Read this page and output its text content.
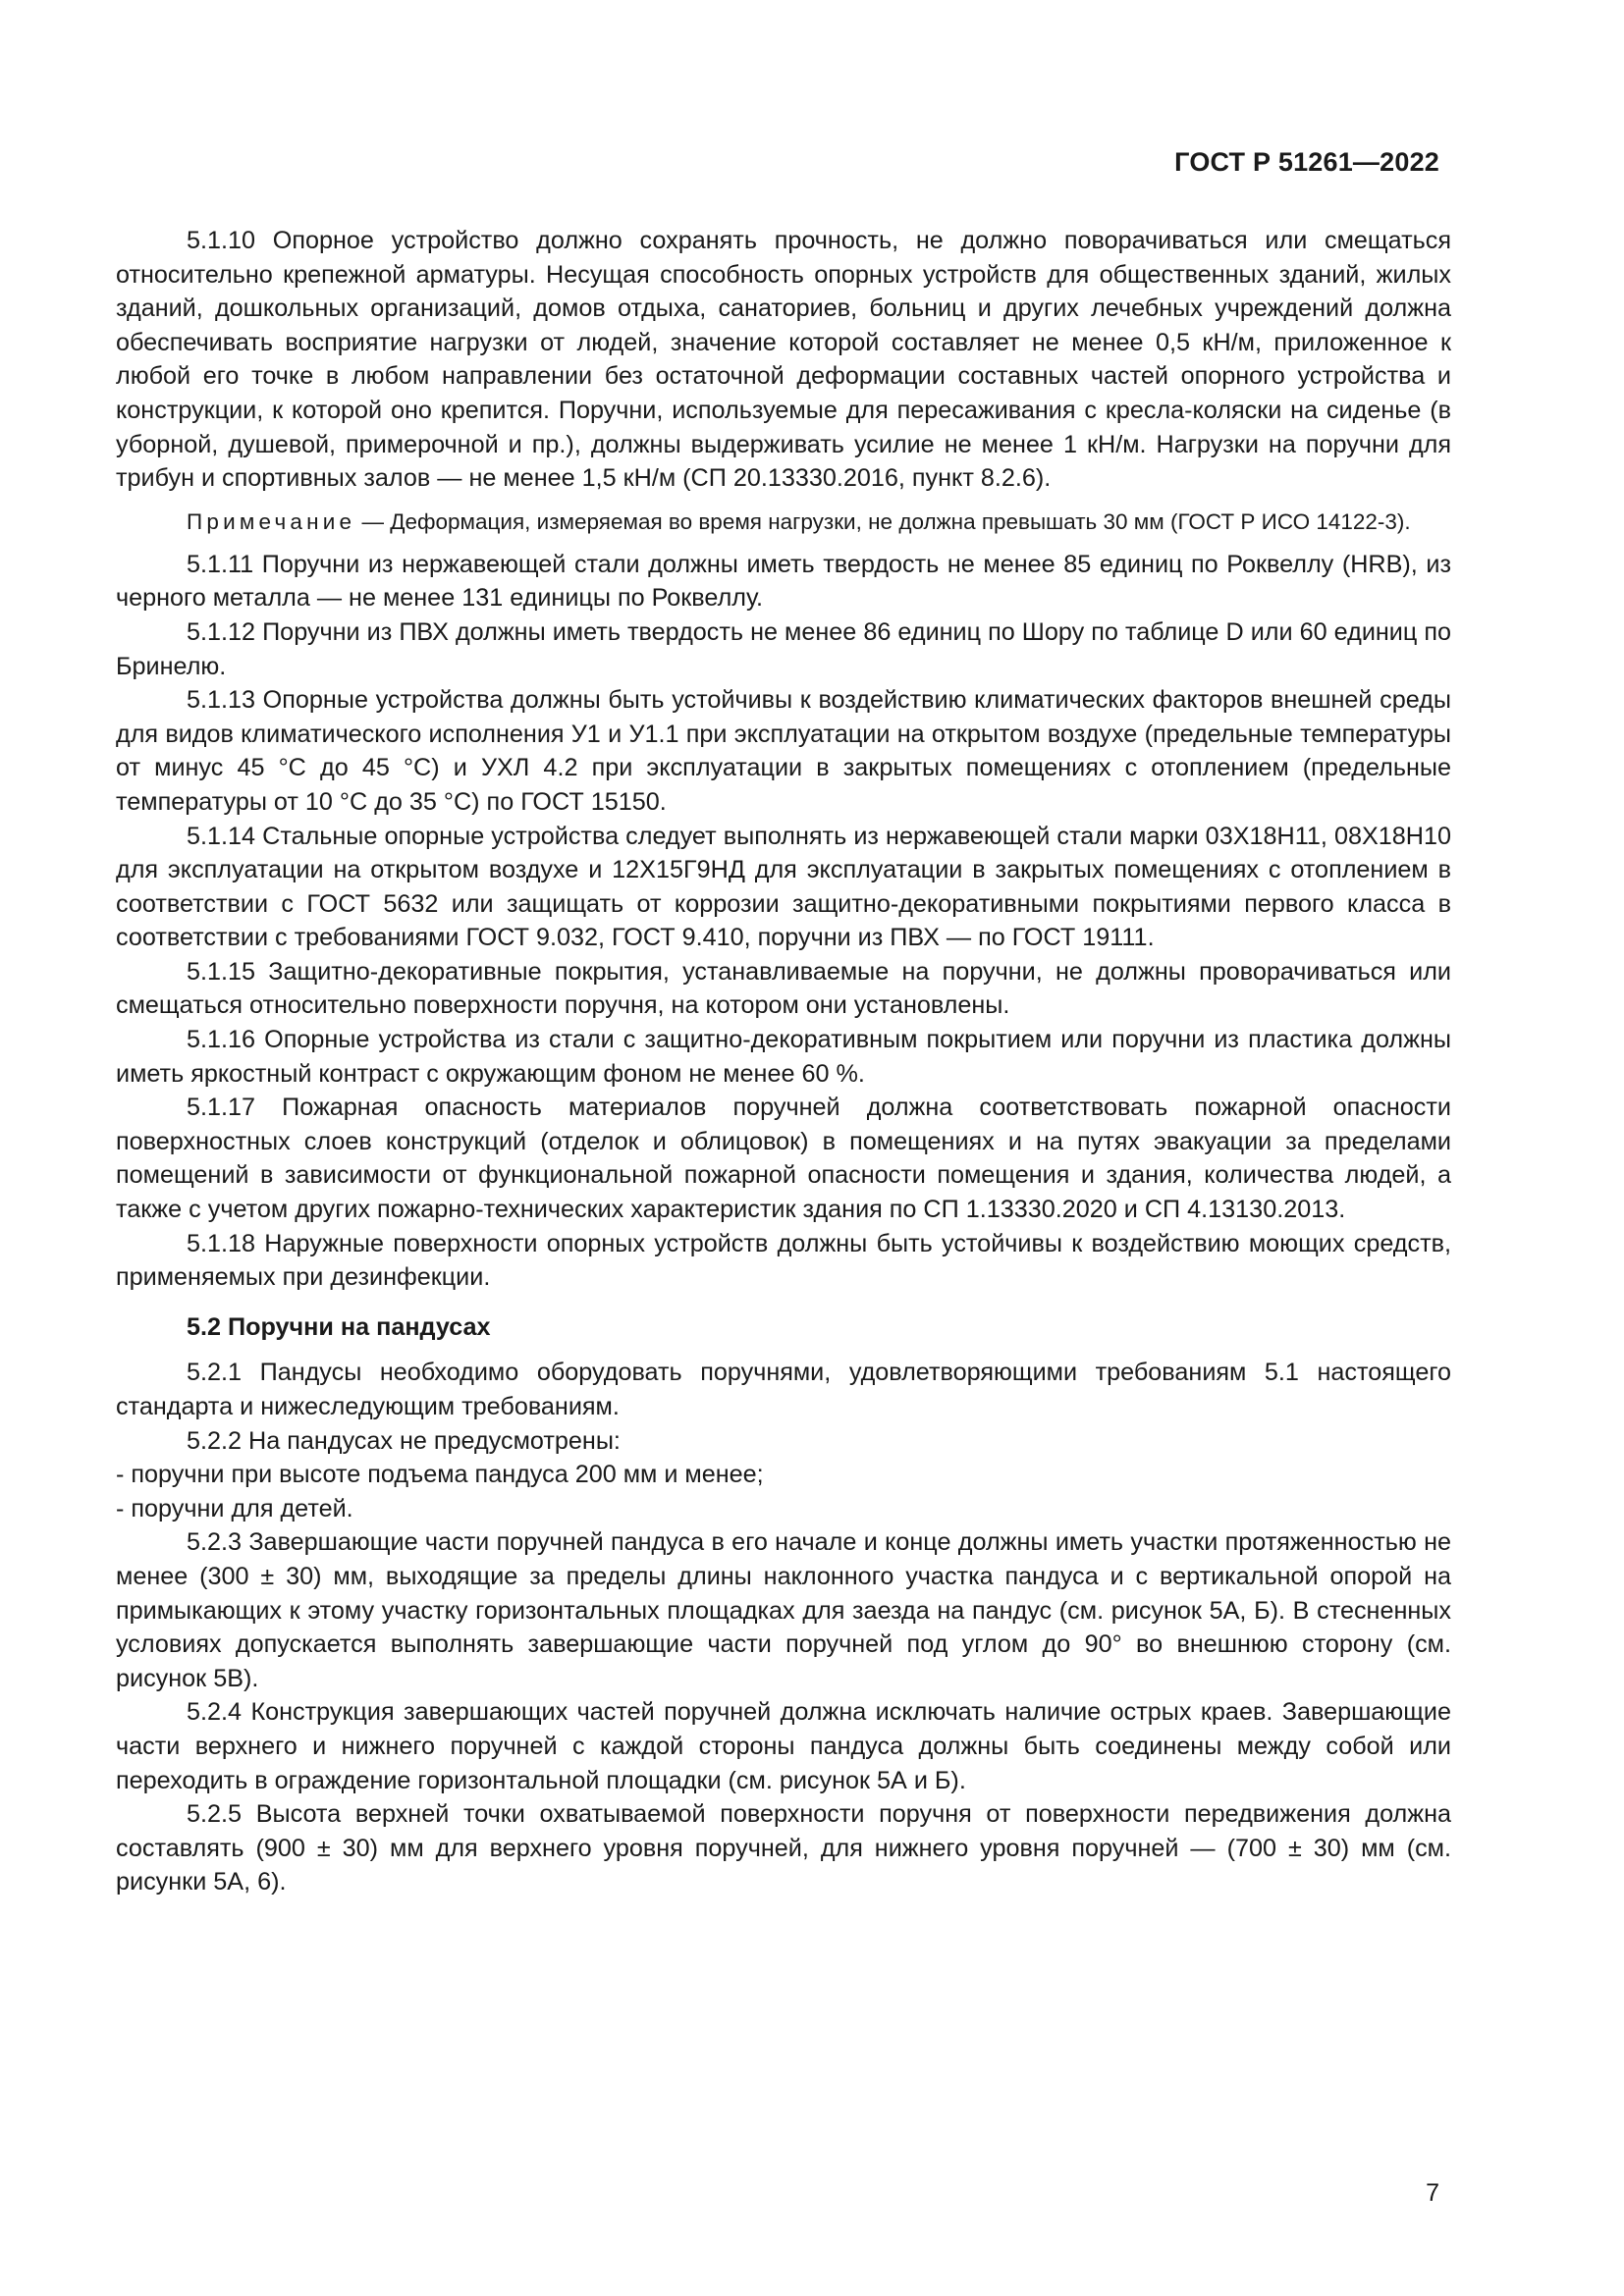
ГОСТ Р 51261—2022

5.1.10 Опорное устройство должно сохранять прочность, не должно поворачиваться или смещаться относительно крепежной арматуры. Несущая способность опорных устройств для общественных зданий, жилых зданий, дошкольных организаций, домов отдыха, санаториев, больниц и других лечебных учреждений должна обеспечивать восприятие нагрузки от людей, значение которой составляет не менее 0,5 кН/м, приложенное к любой его точке в любом направлении без остаточной деформации составных частей опорного устройства и конструкции, к которой оно крепится. Поручни, используемые для пересаживания с кресла-коляски на сиденье (в уборной, душевой, примерочной и пр.), должны выдерживать усилие не менее 1 кН/м. Нагрузки на поручни для трибун и спортивных залов — не менее 1,5 кН/м (СП 20.13330.2016, пункт 8.2.6).

Примечание — Деформация, измеряемая во время нагрузки, не должна превышать 30 мм (ГОСТ Р ИСО 14122-3).

5.1.11 Поручни из нержавеющей стали должны иметь твердость не менее 85 единиц по Роквеллу (HRB), из черного металла — не менее 131 единицы по Роквеллу.

5.1.12 Поручни из ПВХ должны иметь твердость не менее 86 единиц по Шору по таблице D или 60 единиц по Бринелю.

5.1.13 Опорные устройства должны быть устойчивы к воздействию климатических факторов внешней среды для видов климатического исполнения У1 и У1.1 при эксплуатации на открытом воздухе (предельные температуры от минус 45 °С до 45 °С) и УХЛ 4.2 при эксплуатации в закрытых помещениях с отоплением (предельные температуры от 10 °С до 35 °С) по ГОСТ 15150.

5.1.14 Стальные опорные устройства следует выполнять из нержавеющей стали марки 03Х18Н11, 08Х18Н10 для эксплуатации на открытом воздухе и 12Х15Г9НД для эксплуатации в закрытых помещениях с отоплением в соответствии с ГОСТ 5632 или защищать от коррозии защитно-декоративными покрытиями первого класса в соответствии с требованиями ГОСТ 9.032, ГОСТ 9.410, поручни из ПВХ — по ГОСТ 19111.

5.1.15 Защитно-декоративные покрытия, устанавливаемые на поручни, не должны проворачиваться или смещаться относительно поверхности поручня, на котором они установлены.

5.1.16 Опорные устройства из стали с защитно-декоративным покрытием или поручни из пластика должны иметь яркостный контраст с окружающим фоном не менее 60 %.

5.1.17 Пожарная опасность материалов поручней должна соответствовать пожарной опасности поверхностных слоев конструкций (отделок и облицовок) в помещениях и на путях эвакуации за пределами помещений в зависимости от функциональной пожарной опасности помещения и здания, количества людей, а также с учетом других пожарно-технических характеристик здания по СП 1.13330.2020 и СП 4.13130.2013.

5.1.18 Наружные поверхности опорных устройств должны быть устойчивы к воздействию моющих средств, применяемых при дезинфекции.

5.2 Поручни на пандусах

5.2.1 Пандусы необходимо оборудовать поручнями, удовлетворяющими требованиям 5.1 настоящего стандарта и нижеследующим требованиям.

5.2.2 На пандусах не предусмотрены:

- поручни при высоте подъема пандуса 200 мм и менее;

- поручни для детей.

5.2.3 Завершающие части поручней пандуса в его начале и конце должны иметь участки протяженностью не менее (300 ± 30) мм, выходящие за пределы длины наклонного участка пандуса и с вертикальной опорой на примыкающих к этому участку горизонтальных площадках для заезда на пандус (см. рисунок 5А, Б). В стесненных условиях допускается выполнять завершающие части поручней под углом до 90° во внешнюю сторону (см. рисунок 5В).

5.2.4 Конструкция завершающих частей поручней должна исключать наличие острых краев. Завершающие части верхнего и нижнего поручней с каждой стороны пандуса должны быть соединены между собой или переходить в ограждение горизонтальной площадки (см. рисунок 5А и Б).

5.2.5 Высота верхней точки охватываемой поверхности поручня от поверхности передвижения должна составлять (900 ± 30) мм для верхнего уровня поручней, для нижнего уровня поручней — (700 ± 30) мм (см. рисунки 5А, 6).

7
